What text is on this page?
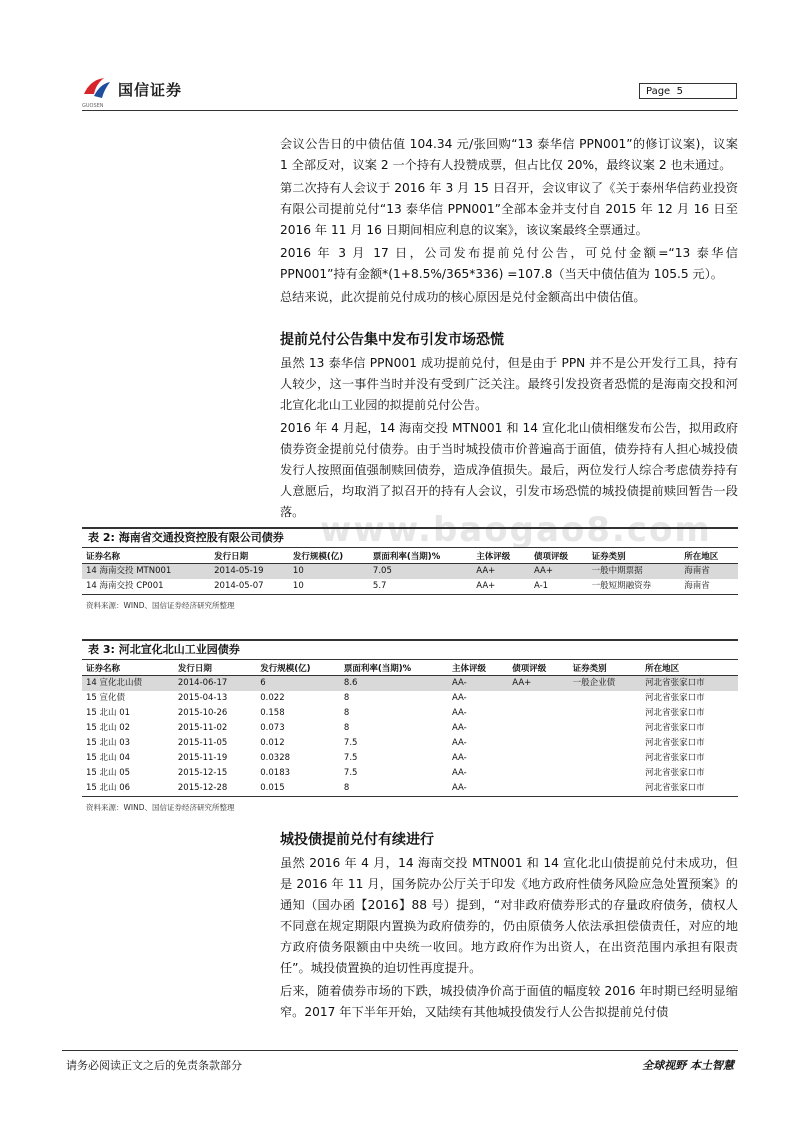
国信证券
GUOSEN
Page 5

会议公告日的中债估值 104.34 元/张回购“13 泰华信 PPN001”的修订议案)，议案 1 全部反对，议案 2 一个持有人投赞成票，但占比仅 20%，最终议案 2 也未通过。

第二次持有人会议于 2016 年 3 月 15 日召开，会议审议了《关于泰州华信药业投资有限公司提前兑付“13 泰华信 PPN001”全部本金并支付自 2015 年 12 月 16 日至 2016 年 11 月 16 日期间相应利息的议案》，该议案最终全票通过。

2016 年 3 月 17 日，公司发布提前兑付公告，可兑付金额=“13 泰华信 PPN001”持有金额*(1+8.5%/365*336) =107.8（当天中债估值为 105.5 元）。

总结来说，此次提前兑付成功的核心原因是兑付金额高出中债估值。

提前兑付公告集中发布引发市场恐慌

虽然 13 泰华信 PPN001 成功提前兑付，但是由于 PPN 并不是公开发行工具，持有人较少，这一事件当时并没有受到广泛关注。最终引发投资者恐慌的是海南交投和河北宣化北山工业园的拟提前兑付公告。

2016 年 4 月起，14 海南交投 MTN001 和 14 宣化北山债相继发布公告，拟用政府债券资金提前兑付债券。由于当时城投债市价普遍高于面值，债券持有人担心城投债发行人按照面值强制赎回债券，造成净值损失。最后，两位发行人综合考虑债券持有人意愿后，均取消了拟召开的持有人会议，引发市场恐慌的城投债提前赎回暂告一段落。 www.baogao8.com
表 2: 海南省交通投资控股有限公司债券
证券名称	发行日期	发行规模(亿)	票面利率(当期)%	主体评级	债项评级	证券类别	所在地区
14 海南交投 MTN001	2014-05-19	10	7.05	AA+	AA+	一般中期票据	海南省
14 海南交投 CP001	2014-05-07	10	5.7	AA+	A-1	一般短期融资券	海南省
资料来源：WIND、国信证券经济研究所整理
表 3: 河北宣化北山工业园债券
证券名称	发行日期	发行规模(亿)	票面利率(当期)%	主体评级	债项评级	证券类别	所在地区
14 宣化北山债	2014-06-17	6	8.6	AA-	AA+	一般企业债	河北省张家口市
15 宣化债	2015-04-13	0.022	8	AA-			河北省张家口市
15 北山 01	2015-10-26	0.158	8	AA-			河北省张家口市
15 北山 02	2015-11-02	0.073	8	AA-			河北省张家口市
15 北山 03	2015-11-05	0.012	7.5	AA-			河北省张家口市
15 北山 04	2015-11-19	0.0328	7.5	AA-			河北省张家口市
15 北山 05	2015-12-15	0.0183	7.5	AA-			河北省张家口市
15 北山 06	2015-12-28	0.015	8	AA-			河北省张家口市
资料来源：WIND、国信证券经济研究所整理

城投债提前兑付有续进行

虽然 2016 年 4 月，14 海南交投 MTN001 和 14 宣化北山债提前兑付未成功，但是 2016 年 11 月，国务院办公厅关于印发《地方政府性债务风险应急处置预案》的通知（国办函【2016】88 号）提到，“对非政府债券形式的存量政府债务，债权人不同意在规定期限内置换为政府债券的，仍由原债务人依法承担偿债责任，对应的地方政府债务限额由中央统一收回。地方政府作为出资人，在出资范围内承担有限责任”。城投债置换的迫切性再度提升。

后来，随着债券市场的下跌，城投债净价高于面值的幅度较 2016 年时期已经明显缩窄。2017 年下半年开始，又陆续有其他城投债发行人公告拟提前兑付债

请务必阅读正文之后的免责条款部分	全球视野 本土智慧
